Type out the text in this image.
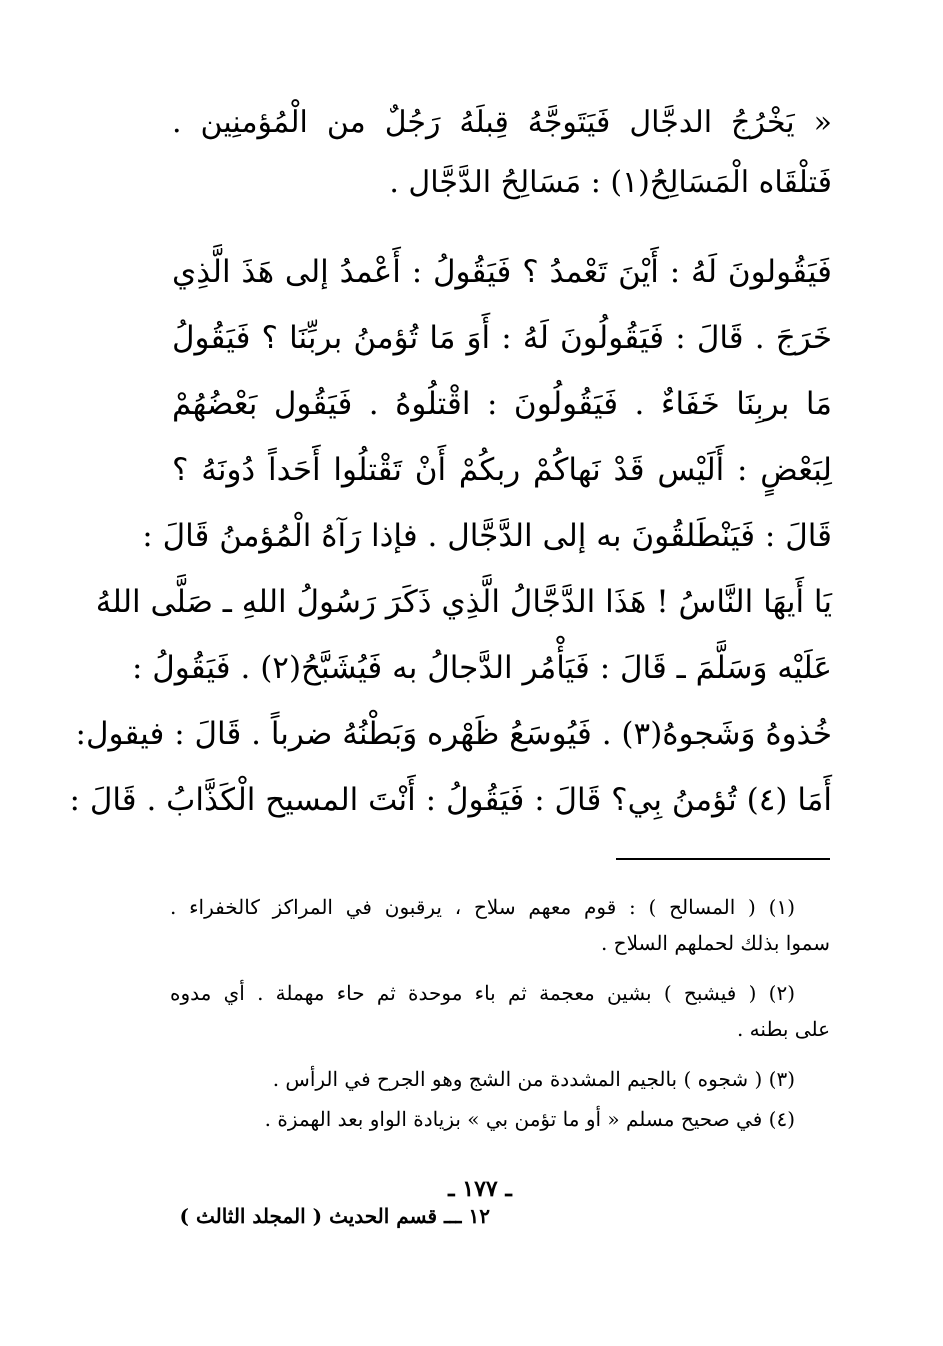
« يَخْرُجُ الدجَّال فَيَتَوجَّهُ قِبلَهُ رَجُلٌ من الْمُؤمنِين .
فَتلْقَاه الْمَسَالِحُ(١) : مَسَالِحُ الدَّجَّال .
فَيَقُولونَ لَهُ : أَيْنَ تَعْمدُ ؟ فَيَقُولُ : أَعْمدُ إلى هَذَ الَّذِي
خَرَجَ . قَالَ : فَيَقُولُونَ لَهُ : أَوَ مَا تُؤمنُ بربِّنَا ؟ فَيَقُولُ
مَا بربِنَا خَفَاءٌ . فَيَقُولُونَ : اقْتلُوهُ . فَيَقُول بَعْضُهُمْ
لِبَعْضٍ : أَلَيْس قَدْ نَهاكُمْ ربكُمْ أَنْ تَقْتلُوا أَحَداً دُونَهُ ؟
قَالَ : فَيَنْطَلقُونَ به إلى الدَّجَّال . فإذا رَآهُ الْمُؤمنُ قَالَ :
يَا أَيهَا النَّاسُ ! هَذَا الدَّجَّالُ الَّذِي ذَكَرَ رَسُولُ اللهِ ـ صَلَّى اللهُ
عَلَيْه وَسَلَّمَ ـ قَالَ : فَيَأْمُر الدَّجالُ به فَيُشَبَّحُ(٢) . فَيَقُولُ :
خُذوهُ وَشَجوهُ(٣) . فَيُوسَعُ ظَهْره وَبَطْنُهُ ضرباً . قَالَ : فيقول:
أَمَا (٤) تُؤمنُ بِي؟ قَالَ : فَيَقُولُ : أَنْتَ المسيح الْكَذَّابُ . قَالَ :
(١) ( المسالح ) : قوم معهم سلاح ، يرقبون في المراكز كالخفراء .
سموا بذلك لحملهم السلاح .
(٢) ( فيشبح ) بشين معجمة ثم باء موحدة ثم حاء مهملة . أي مدوه
على بطنه .
(٣) ( شجوه ) بالجيم المشددة من الشج وهو الجرح في الرأس .
(٤) في صحيح مسلم « أو ما تؤمن بي » بزيادة الواو بعد الهمزة .
ـ ١٧٧ ـ
١٢ ـــ قسم الحديث ( المجلد الثالث )
